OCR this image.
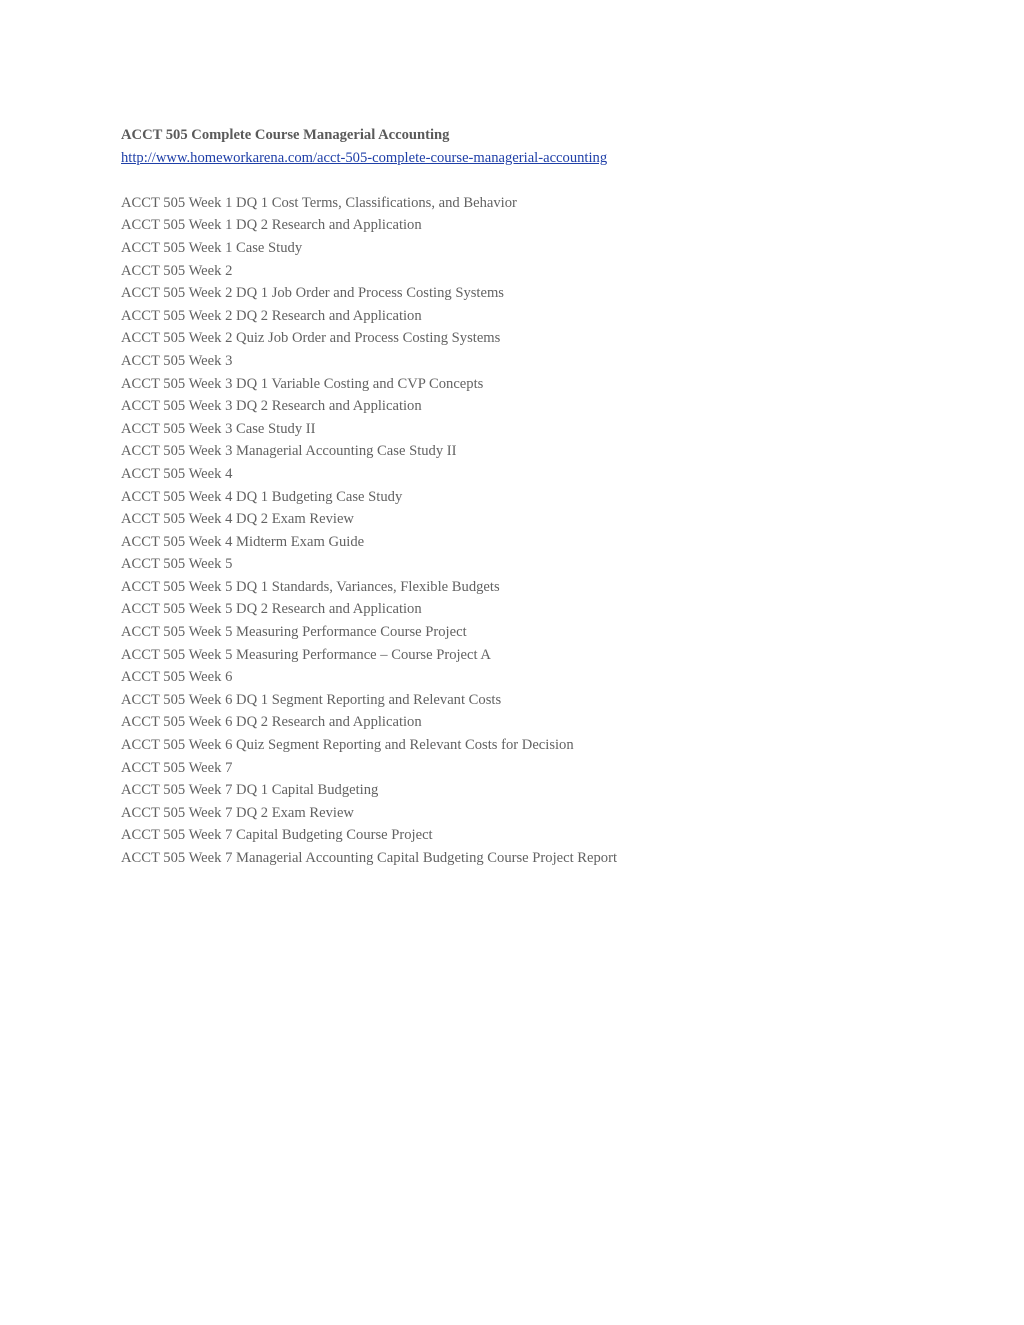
ACCT 505 Complete Course Managerial Accounting
http://www.homeworkarena.com/acct-505-complete-course-managerial-accounting
ACCT 505 Week 1 DQ 1 Cost Terms, Classifications, and Behavior
ACCT 505 Week 1 DQ 2 Research and Application
ACCT 505 Week 1 Case Study
ACCT 505 Week 2
ACCT 505 Week 2 DQ 1 Job Order and Process Costing Systems
ACCT 505 Week 2 DQ 2 Research and Application
ACCT 505 Week 2 Quiz Job Order and Process Costing Systems
ACCT 505 Week 3
ACCT 505 Week 3 DQ 1 Variable Costing and CVP Concepts
ACCT 505 Week 3 DQ 2 Research and Application
ACCT 505 Week 3 Case Study II
ACCT 505 Week 3 Managerial Accounting Case Study II
ACCT 505 Week 4
ACCT 505 Week 4 DQ 1 Budgeting Case Study
ACCT 505 Week 4 DQ 2 Exam Review
ACCT 505 Week 4 Midterm Exam Guide
ACCT 505 Week 5
ACCT 505 Week 5 DQ 1 Standards, Variances, Flexible Budgets
ACCT 505 Week 5 DQ 2 Research and Application
ACCT 505 Week 5 Measuring Performance Course Project
ACCT 505 Week 5 Measuring Performance – Course Project A
ACCT 505 Week 6
ACCT 505 Week 6 DQ 1 Segment Reporting and Relevant Costs
ACCT 505 Week 6 DQ 2 Research and Application
ACCT 505 Week 6 Quiz Segment Reporting and Relevant Costs for Decision
ACCT 505 Week 7
ACCT 505 Week 7 DQ 1 Capital Budgeting
ACCT 505 Week 7 DQ 2 Exam Review
ACCT 505 Week 7 Capital Budgeting Course Project
ACCT 505 Week 7 Managerial Accounting Capital Budgeting Course Project Report
